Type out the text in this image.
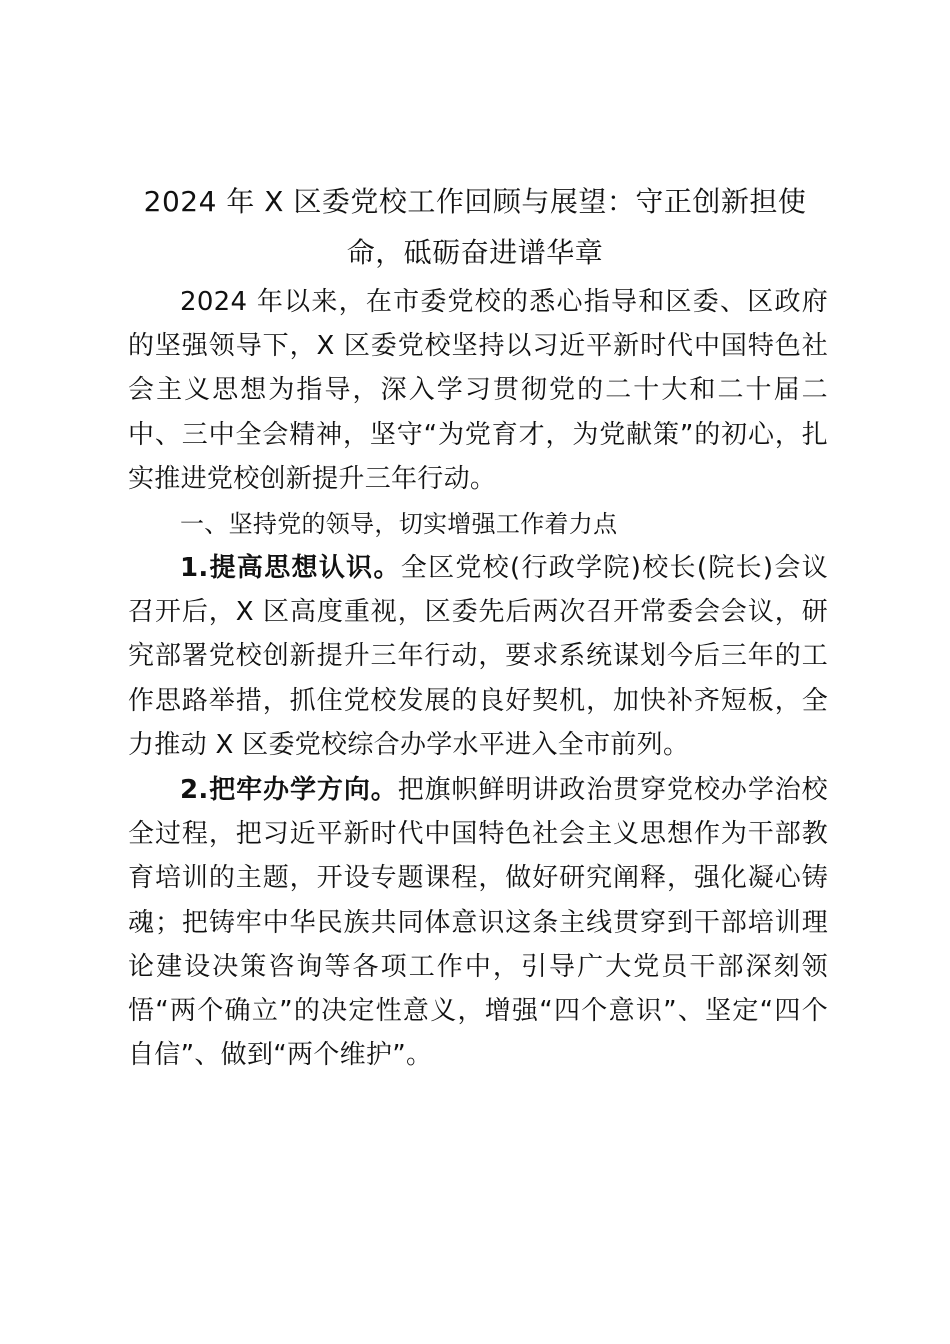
2024 年 X 区委党校工作回顾与展望：守正创新担使命，砥砺奋进谱华章

2024 年以来，在市委党校的悉心指导和区委、区政府的坚强领导下，X 区委党校坚持以习近平新时代中国特色社会主义思想为指导，深入学习贯彻党的二十大和二十届二中、三中全会精神，坚守“为党育才，为党献策”的初心，扎实推进党校创新提升三年行动。

一、坚持党的领导，切实增强工作着力点

1.提高思想认识。全区党校(行政学院)校长(院长)会议召开后，X 区高度重视，区委先后两次召开常委会会议，研究部署党校创新提升三年行动，要求系统谋划今后三年的工作思路举措，抓住党校发展的良好契机，加快补齐短板，全力推动 X 区委党校综合办学水平进入全市前列。

2.把牢办学方向。把旗帜鲜明讲政治贯穿党校办学治校全过程，把习近平新时代中国特色社会主义思想作为干部教育培训的主题，开设专题课程，做好研究阐释，强化凝心铸魂；把铸牢中华民族共同体意识这条主线贯穿到干部培训理论建设决策咨询等各项工作中，引导广大党员干部深刻领悟“两个确立”的决定性意义，增强“四个意识”、坚定“四个自信”、做到“两个维护”。
